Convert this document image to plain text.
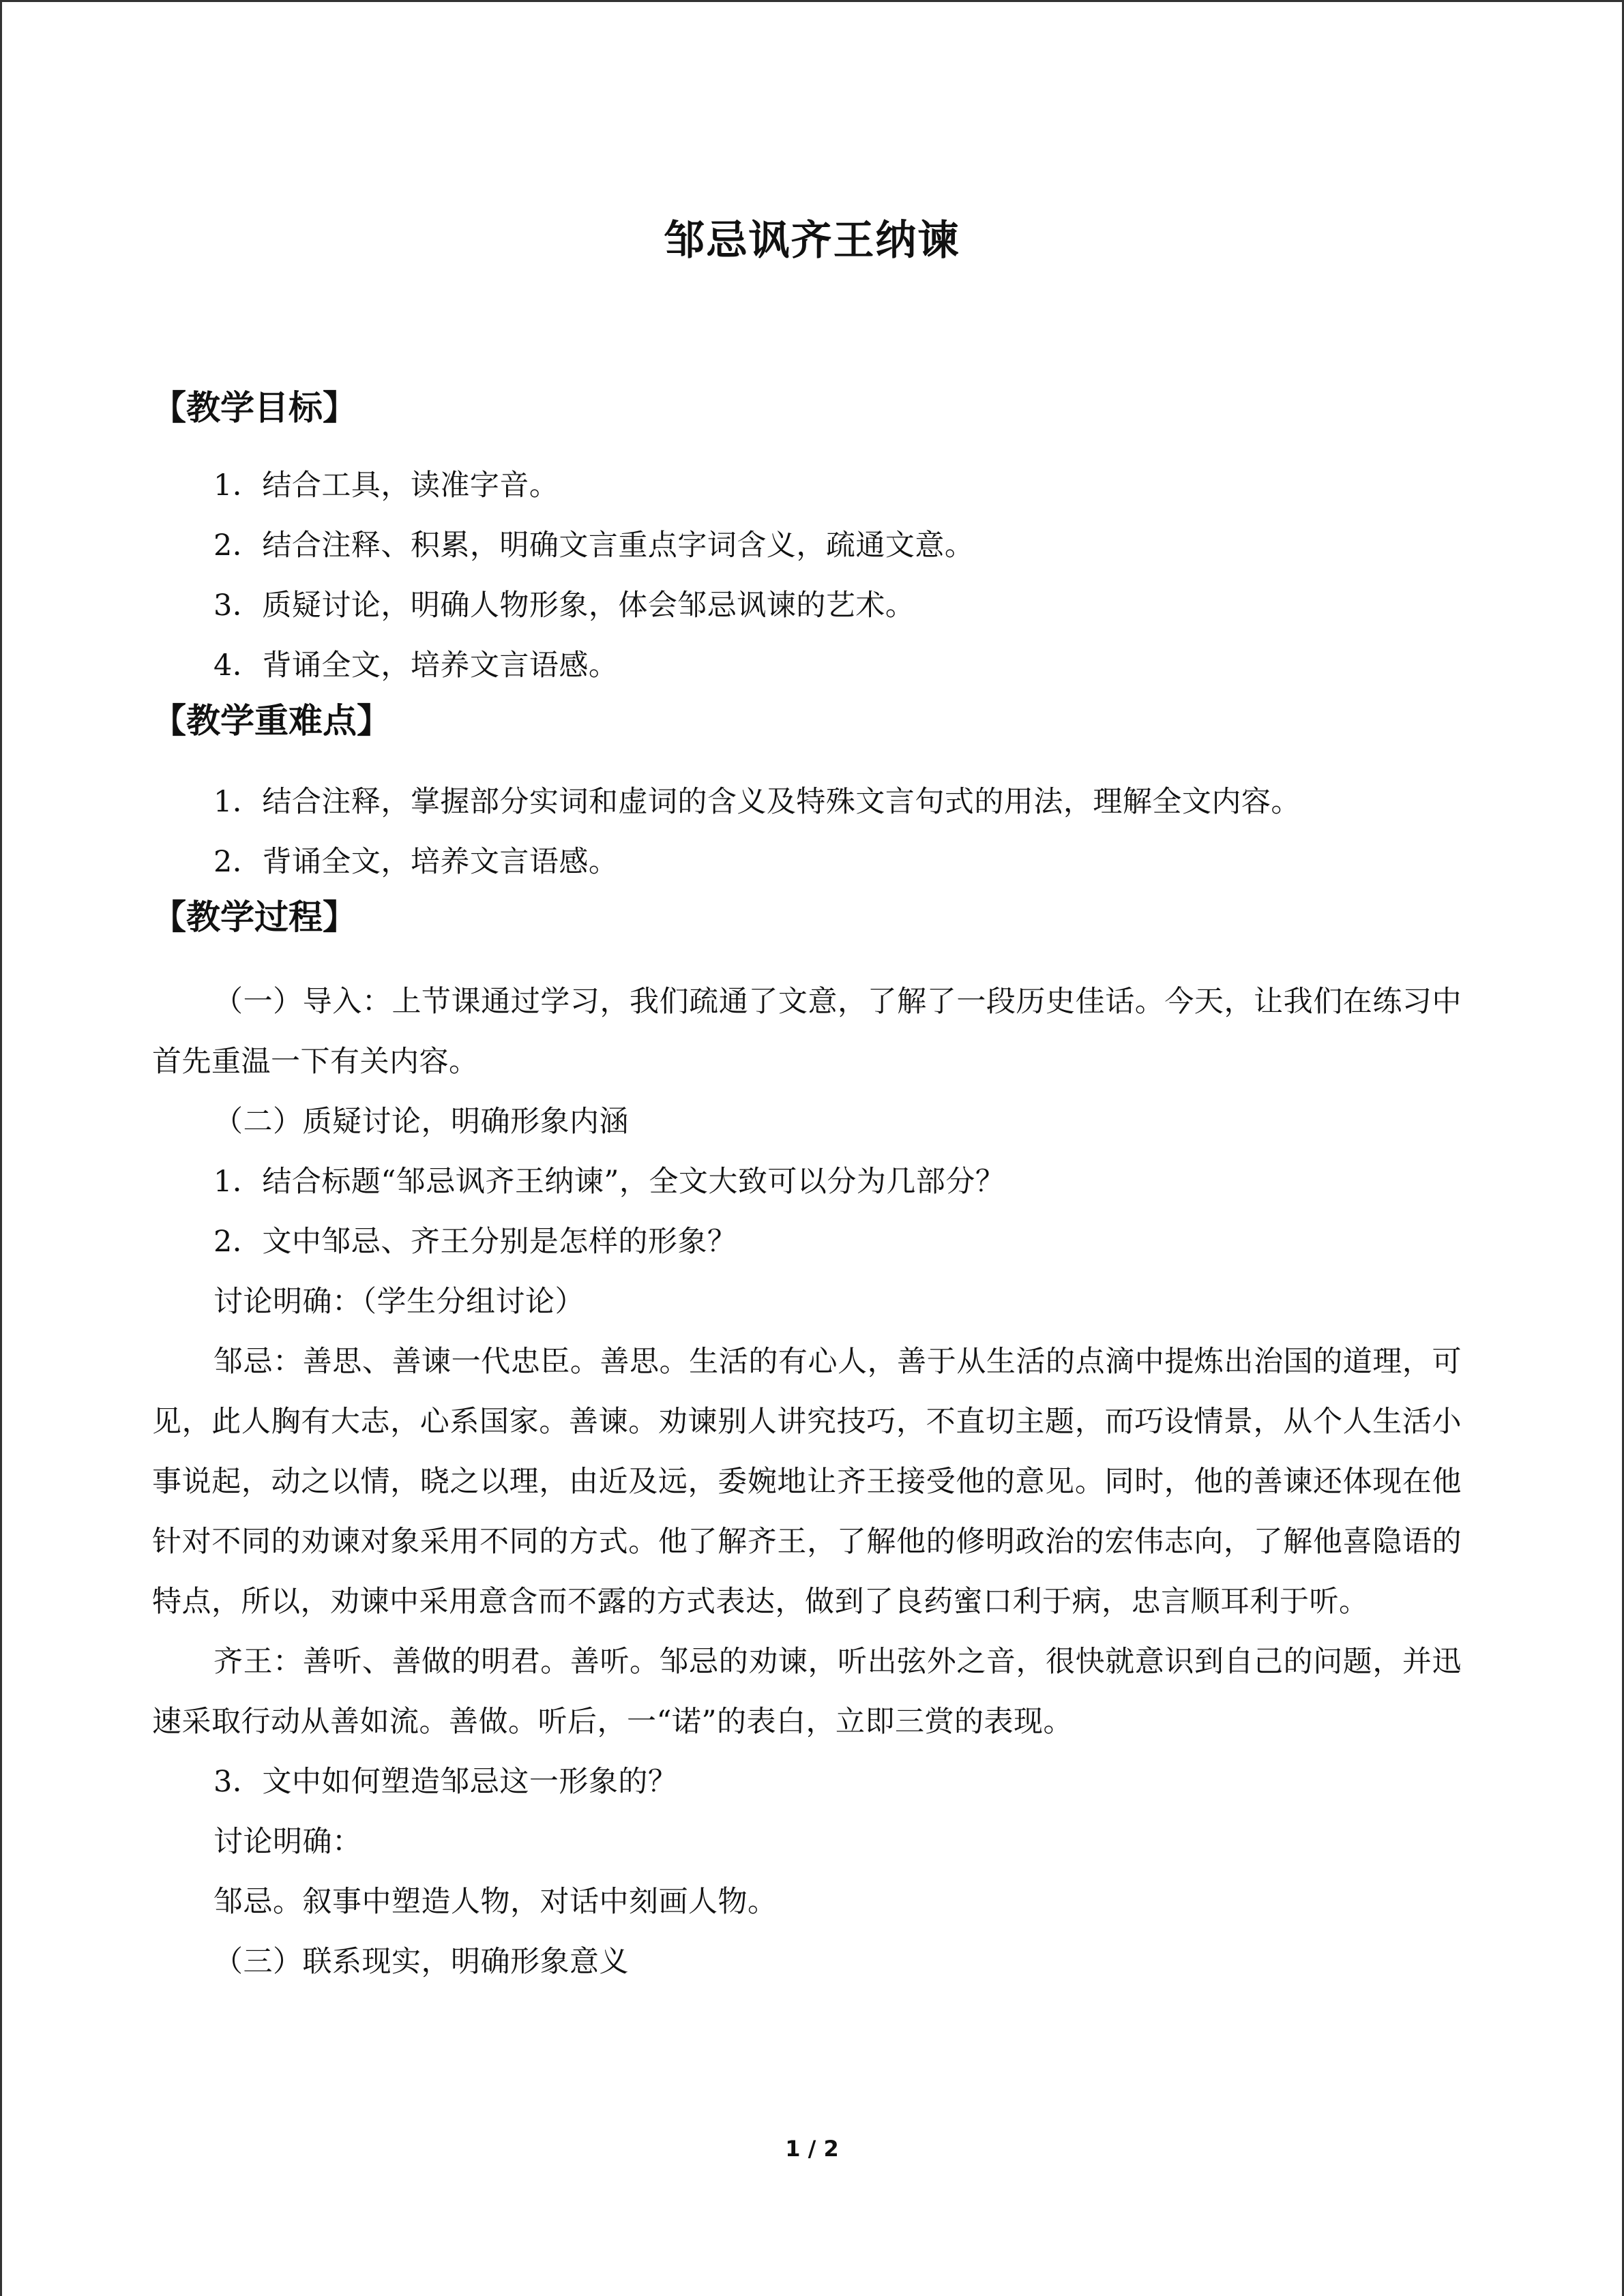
邹忌讽齐王纳谏
【教学目标】
1．结合工具，读准字音。
2．结合注释、积累，明确文言重点字词含义，疏通文意。
3．质疑讨论，明确人物形象，体会邹忌讽谏的艺术。
4．背诵全文，培养文言语感。
【教学重难点】
1．结合注释，掌握部分实词和虚词的含义及特殊文言句式的用法，理解全文内容。
2．背诵全文，培养文言语感。
【教学过程】

（一）导入：上节课通过学习，我们疏通了文意，了解了一段历史佳话。今天，让我们在练习中首先重温一下有关内容。

（二）质疑讨论，明确形象内涵

1．结合标题“邹忌讽齐王纳谏”，全文大致可以分为几部分？

2．文中邹忌、齐王分别是怎样的形象？

讨论明确：（学生分组讨论）

邹忌：善思、善谏一代忠臣。善思。生活的有心人，善于从生活的点滴中提炼出治国的道理，可见，此人胸有大志，心系国家。善谏。劝谏别人讲究技巧，不直切主题，而巧设情景，从个人生活小事说起，动之以情，晓之以理，由近及远，委婉地让齐王接受他的意见。同时，他的善谏还体现在他针对不同的劝谏对象采用不同的方式。他了解齐王，了解他的修明政治的宏伟志向，了解他喜隐语的特点，所以，劝谏中采用意含而不露的方式表达，做到了良药蜜口利于病，忠言顺耳利于听。

齐王：善听、善做的明君。善听。邹忌的劝谏，听出弦外之音，很快就意识到自己的问题，并迅速采取行动从善如流。善做。听后，一“诺”的表白，立即三赏的表现。

3．文中如何塑造邹忌这一形象的？

讨论明确：

邹忌。叙事中塑造人物，对话中刻画人物。

（三）联系现实，明确形象意义

1 / 2
